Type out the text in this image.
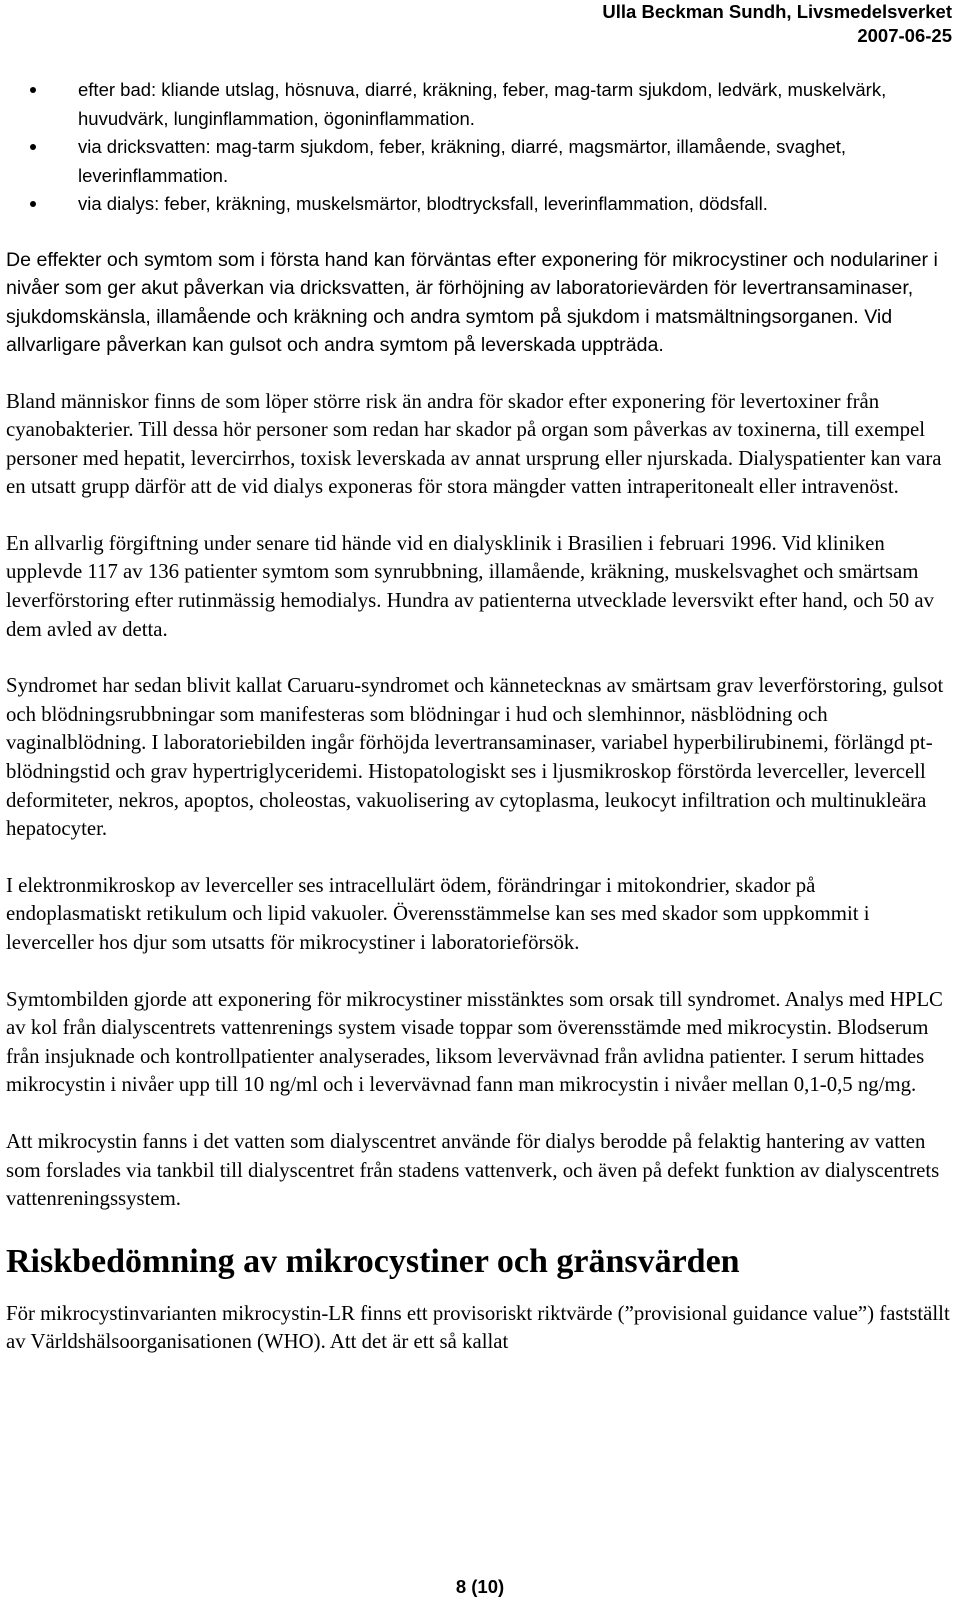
Ulla Beckman Sundh, Livsmedelsverket
2007-06-25
efter bad: kliande utslag, hösnuva, diarré, kräkning, feber, mag-tarm sjukdom, ledvärk, muskelvärk, huvudvärk, lunginflammation, ögoninflammation.
via dricksvatten: mag-tarm sjukdom, feber, kräkning, diarré, magsmärtor, illamående, svaghet, leverinflammation.
via dialys: feber, kräkning, muskelsmärtor, blodtrycksfall, leverinflammation, dödsfall.

De effekter och symtom som i första hand kan förväntas efter exponering för mikrocystiner och nodulariner i nivåer som ger akut påverkan via dricksvatten, är förhöjning av laboratorievärden för levertransaminaser, sjukdomskänsla, illamående och kräkning och andra symtom på sjukdom i matsmältningsorganen. Vid allvarligare påverkan kan gulsot och andra symtom på leverskada uppträda.

Bland människor finns de som löper större risk än andra för skador efter exponering för levertoxiner från cyanobakterier. Till dessa hör personer som redan har skador på organ som påverkas av toxinerna, till exempel personer med hepatit, levercirrhos, toxisk leverskada av annat ursprung eller njurskada. Dialyspatienter kan vara en utsatt grupp därför att de vid dialys exponeras för stora mängder vatten intraperitonealt eller intravenöst.

En allvarlig förgiftning under senare tid hände vid en dialysklinik i Brasilien i februari 1996. Vid kliniken upplevde 117 av 136 patienter symtom som synrubbning, illamående, kräkning, muskelsvaghet och smärtsam leverförstoring efter rutinmässig hemodialys. Hundra av patienterna utvecklade leversvikt efter hand, och 50 av dem avled av detta.

Syndromet har sedan blivit kallat Caruaru-syndromet och kännetecknas av smärtsam grav leverförstoring, gulsot och blödningsrubbningar som manifesteras som blödningar i hud och slemhinnor, näsblödning och vaginalblödning. I laboratoriebilden ingår förhöjda levertransaminaser, variabel hyperbilirubinemi, förlängd pt-blödningstid och grav hypertriglyceridemi. Histopatologiskt ses i ljusmikroskop förstörda leverceller, levercell deformiteter, nekros, apoptos, choleostas, vakuolisering av cytoplasma, leukocyt infiltration och multinukleära hepatocyter.

I elektronmikroskop av leverceller ses intracellulärt ödem, förändringar i mitokondrier, skador på endoplasmatiskt retikulum och lipid vakuoler. Överensstämmelse kan ses med skador som uppkommit i leverceller hos djur som utsatts för mikrocystiner i laboratorieförsök.

Symtombilden gjorde att exponering för mikrocystiner misstänktes som orsak till syndromet. Analys med HPLC av kol från dialyscentrets vattenrenings system visade toppar som överensstämde med mikrocystin. Blodserum från insjuknade och kontrollpatienter analyserades, liksom levervävnad från avlidna patienter. I serum hittades mikrocystin i nivåer upp till 10 ng/ml och i levervävnad fann man mikrocystin i nivåer mellan 0,1-0,5 ng/mg.

Att mikrocystin fanns i det vatten som dialyscentret använde för dialys berodde på felaktig hantering av vatten som forslades via tankbil till dialyscentret från stadens vattenverk, och även på defekt funktion av dialyscentrets vattenreningssystem.

Riskbedömning av mikrocystiner och gränsvärden

För mikrocystinvarianten mikrocystin-LR finns ett provisoriskt riktvärde (”provisional guidance value”) fastställt av Världshälsoorganisationen (WHO). Att det är ett så kallat

8 (10)
